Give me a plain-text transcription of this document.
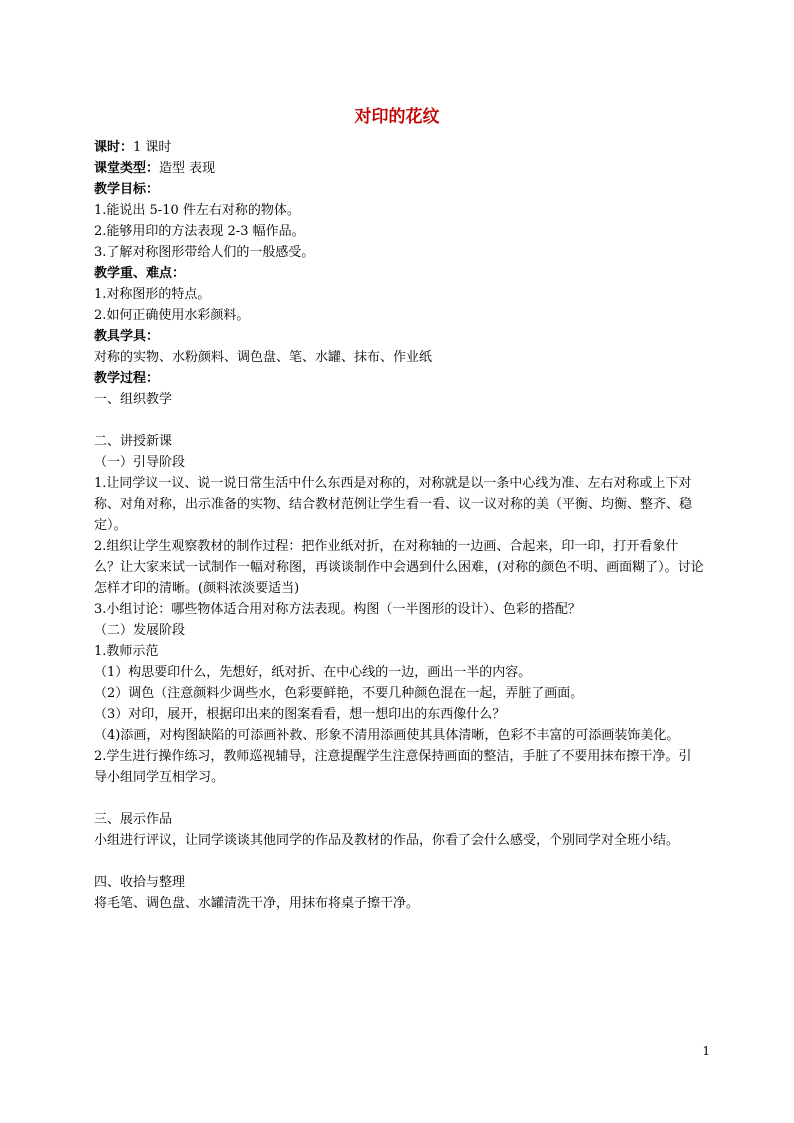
对印的花纹

课时：1 课时

课堂类型：造型 表现

教学目标：

1.能说出 5-10 件左右对称的物体。

2.能够用印的方法表现 2-3 幅作品。

3.了解对称图形带给人们的一般感受。

教学重、难点：

1.对称图形的特点。

2.如何正确使用水彩颜料。

教具学具：

对称的实物、水粉颜料、调色盘、笔、水罐、抹布、作业纸

教学过程：

一、组织教学

二、讲授新课

（一）引导阶段

1.让同学议一议、说一说日常生活中什么东西是对称的，对称就是以一条中心线为准、左右对称或上下对称、对角对称，出示准备的实物、结合教材范例让学生看一看、议一议对称的美（平衡、均衡、整齐、稳定）。

2.组织让学生观察教材的制作过程：把作业纸对折，在对称轴的一边画、合起来，印一印，打开看象什么？让大家来试一试制作一幅对称图，再谈谈制作中会遇到什么困难，(对称的颜色不明、画面糊了）。讨论怎样才印的清晰。(颜料浓淡要适当)

3.小组讨论：哪些物体适合用对称方法表现。构图（一半图形的设计）、色彩的搭配？

（二）发展阶段

1.教师示范

（1）构思要印什么，先想好，纸对折、在中心线的一边，画出一半的内容。

（2）调色（注意颜料少调些水，色彩要鲜艳，不要几种颜色混在一起，弄脏了画面。

（3）对印，展开，根据印出来的图案看看，想一想印出的东西像什么？

（4)添画，对构图缺陷的可添画补救、形象不清用添画使其具体清晰，色彩不丰富的可添画装饰美化。

2.学生进行操作练习，教师巡视辅导，注意提醒学生注意保持画面的整洁，手脏了不要用抹布擦干净。引导小组同学互相学习。

三、展示作品

小组进行评议，让同学谈谈其他同学的作品及教材的作品，你看了会什么感受，个别同学对全班小结。

四、收拾与整理

将毛笔、调色盘、水罐清洗干净，用抹布将桌子擦干净。

1
